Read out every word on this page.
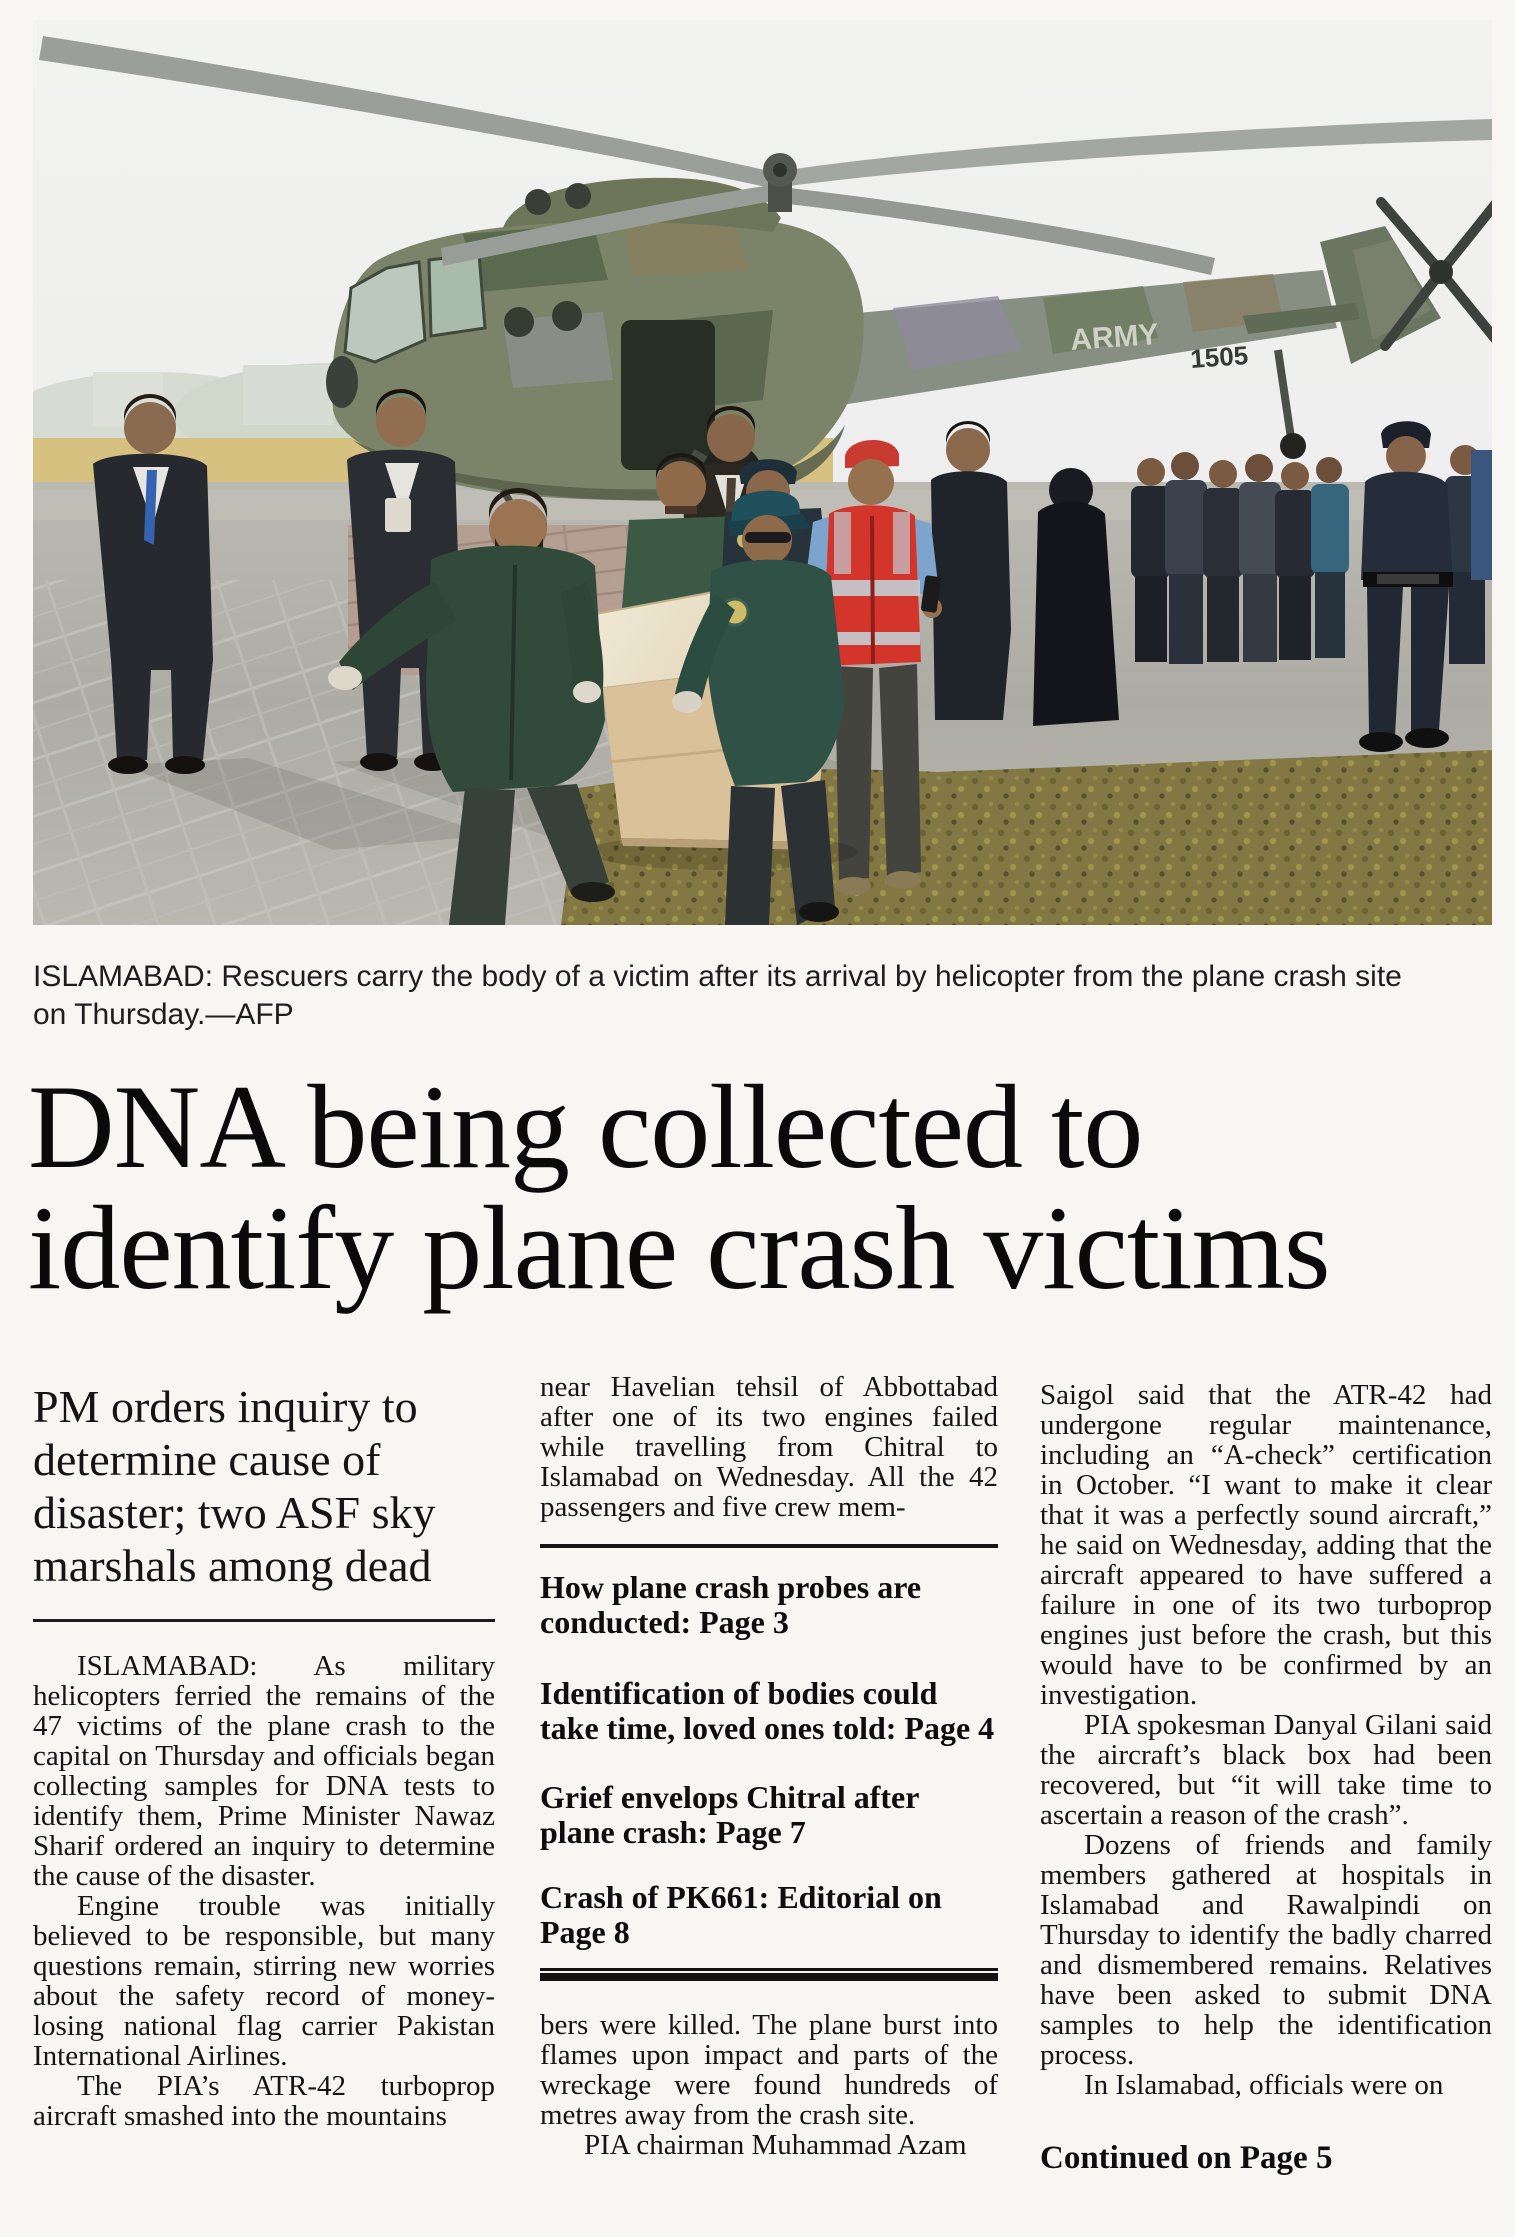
ARMY
1505

ISLAMABAD: Rescuers carry the body of a victim after its arrival by helicopter from the plane crash site on Thursday.—AFP

DNA being collected to
identify plane crash victims
PM orders inquiry to determine cause of disaster; two ASF sky marshals among dead

ISLAMABAD: As military helicopters ferried the remains of the 47 victims of the plane crash to the capital on Thursday and officials began collecting samples for DNA tests to identify them, Prime Minister Nawaz Sharif ordered an inquiry to determine the cause of the disaster.

Engine trouble was initially believed to be responsible, but many questions remain, stirring new worries about the safety record of money-losing national flag carrier Pakistan International Airlines.

The PIA’s ATR-42 turboprop aircraft smashed into the mountains

near Havelian tehsil of Abbottabad after one of its two engines failed while travelling from Chitral to Islamabad on Wednesday. All the 42 passengers and five crew mem-

How plane crash probes are conducted: Page 3

Identification of bodies could take time, loved ones told: Page 4

Grief envelops Chitral after plane crash: Page 7

Crash of PK661: Editorial on Page 8

bers were killed. The plane burst into flames upon impact and parts of the wreckage were found hundreds of metres away from the crash site.

PIA chairman Muhammad Azam

Saigol said that the ATR-42 had undergone regular maintenance, including an “A-check” certification in October. “I want to make it clear that it was a perfectly sound aircraft,” he said on Wednesday, adding that the aircraft appeared to have suffered a failure in one of its two turboprop engines just before the crash, but this would have to be confirmed by an investigation.

PIA spokesman Danyal Gilani said the aircraft’s black box had been recovered, but “it will take time to ascertain a reason of the crash”.

Dozens of friends and family members gathered at hospitals in Islamabad and Rawalpindi on Thursday to identify the badly charred and dismembered remains. Relatives have been asked to submit DNA samples to help the identification process.

In Islamabad, officials were on

Continued on Page 5
